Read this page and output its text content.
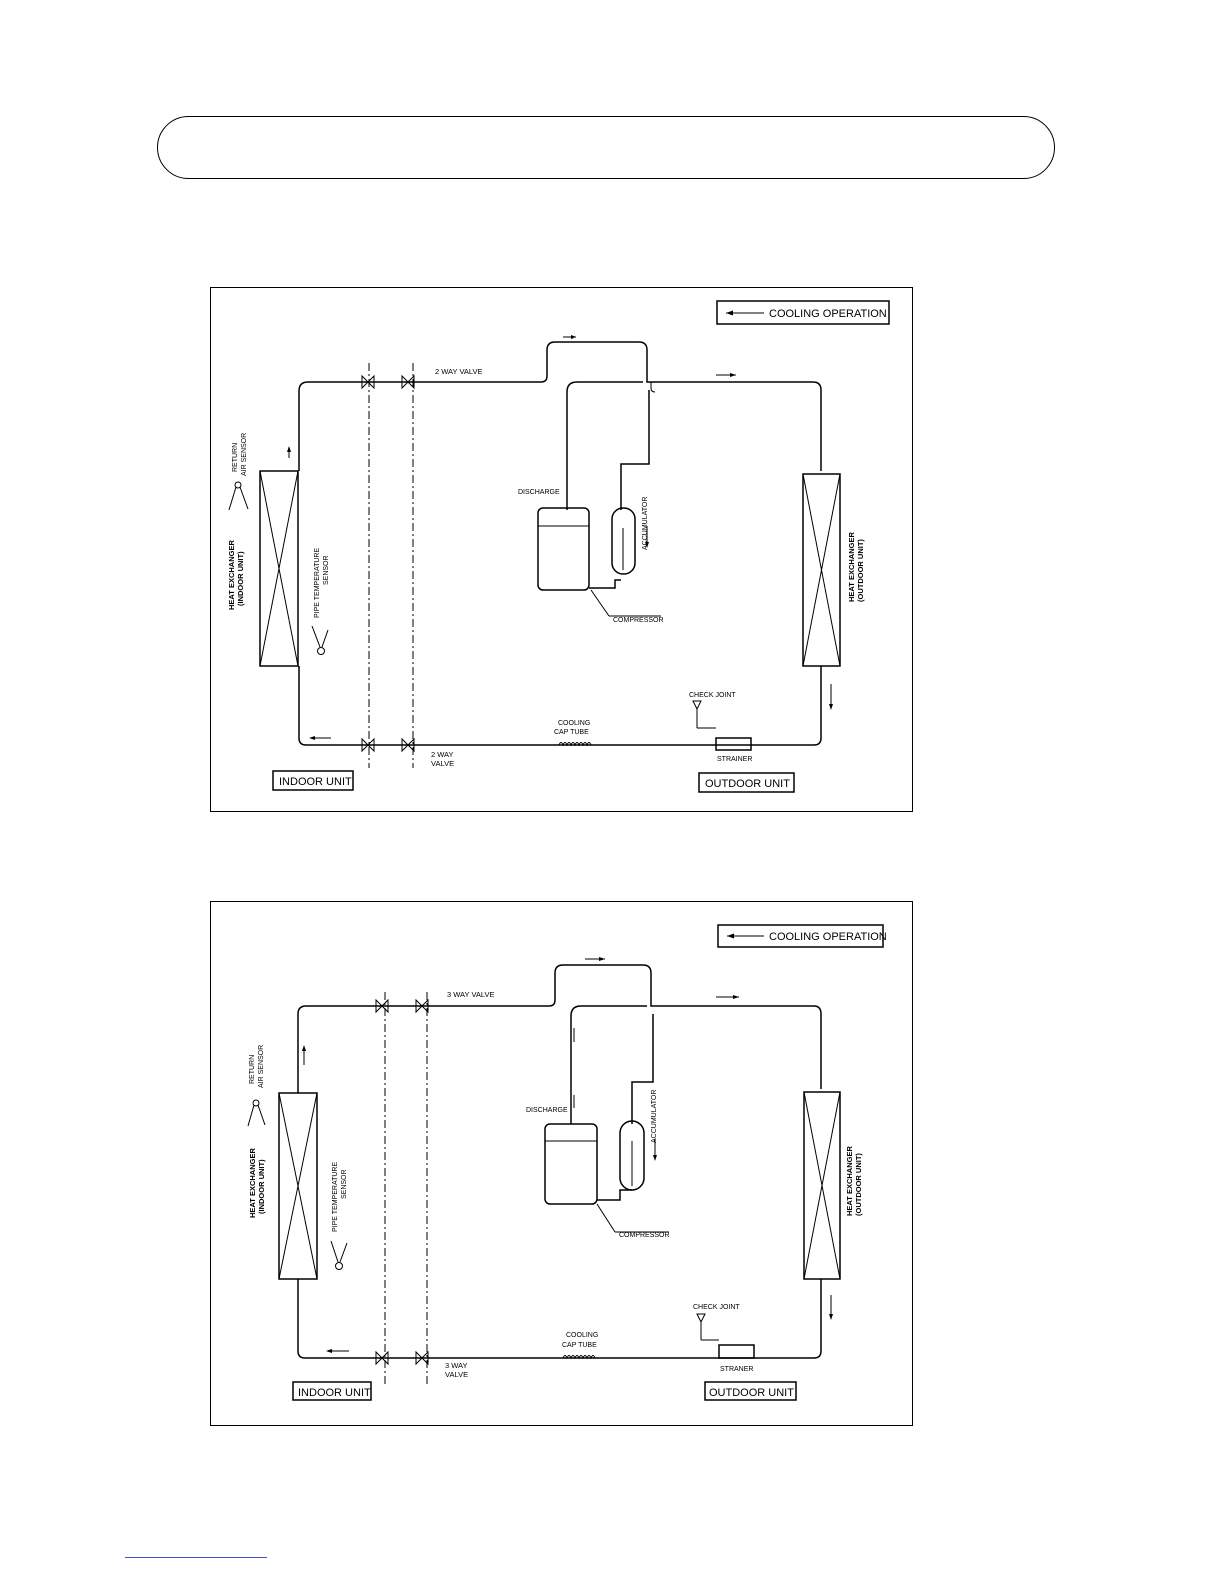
COOLING OPERATION
2 WAY VALVE
2 WAY
VALVE
HEAT EXCHANGER (INDOOR UNIT)
RETURN AIR SENSOR
PIPE TEMPERATURE SENSOR
DISCHARGE
COMPRESSOR
ACCUMULATOR
HEAT EXCHANGER (OUTDOOR UNIT)
CHECK JOINT
STRAINER
COOLING
CAP TUBE
INDOOR UNIT	OUTDOOR UNIT
COOLING OPERATION
3 WAY VALVE
3 WAY
VALVE
HEAT EXCHANGER (INDOOR UNIT)
RETURN AIR SENSOR
PIPE TEMPERATURE SENSOR
DISCHARGE
COMPRESSOR
ACCUMULATOR
HEAT EXCHANGER (OUTDOOR UNIT)
CHECK JOINT
STRANER
COOLING
CAP TUBE
INDOOR UNIT	OUTDOOR UNIT
